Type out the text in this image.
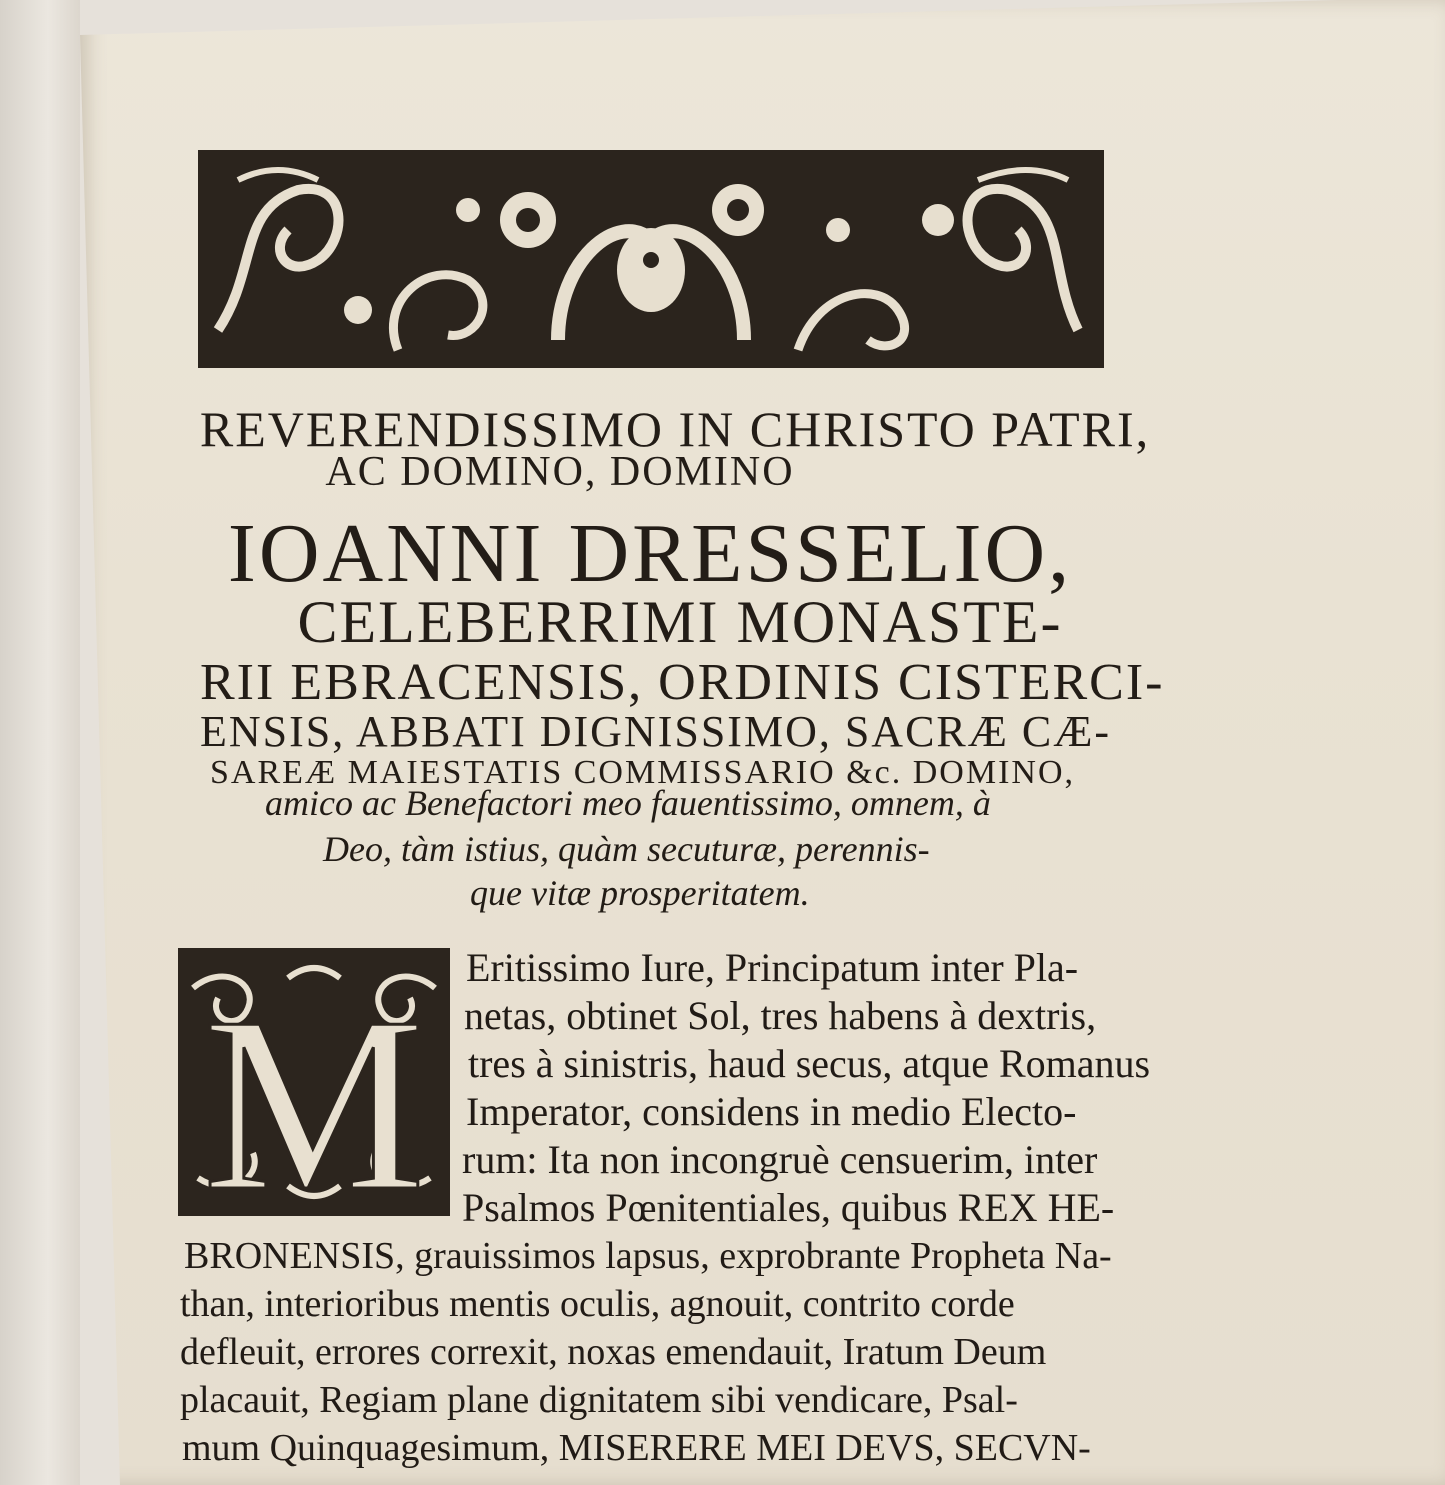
REVERENDISSIMO IN CHRISTO PATRI,
AC DOMINO, DOMINO
IOANNI DRESSELIO,
CELEBERRIMI MONASTE-
RII EBRACENSIS, ORDINIS CISTERCI-
ENSIS, ABBATI DIGNISSIMO, SACRÆ CÆ-
SAREÆ MAIESTATIS COMMISSARIO &c. DOMINO,
amico ac Benefactori meo fauentissimo, omnem, à
Deo, tàm istius, quàm secuturæ, perennis-
que vitæ prosperitatem.
M Eritissimo Iure, Principatum inter Pla-
netas, obtinet Sol, tres habens à dextris,
tres à sinistris, haud secus, atque Romanus
Imperator, considens in medio Electo-
rum: Ita non incongruè censuerim, inter
Psalmos Pœnitentiales, quibus REX HE-
BRONENSIS, grauissimos lapsus, exprobrante Propheta Na-
than, interioribus mentis oculis, agnouit, contrito corde
defleuit, errores correxit, noxas emendauit, Iratum Deum
placauit, Regiam plane dignitatem sibi vendicare, Psal-
mum Quinquagesimum, MISERERE MEI DEVS, SECVN-
